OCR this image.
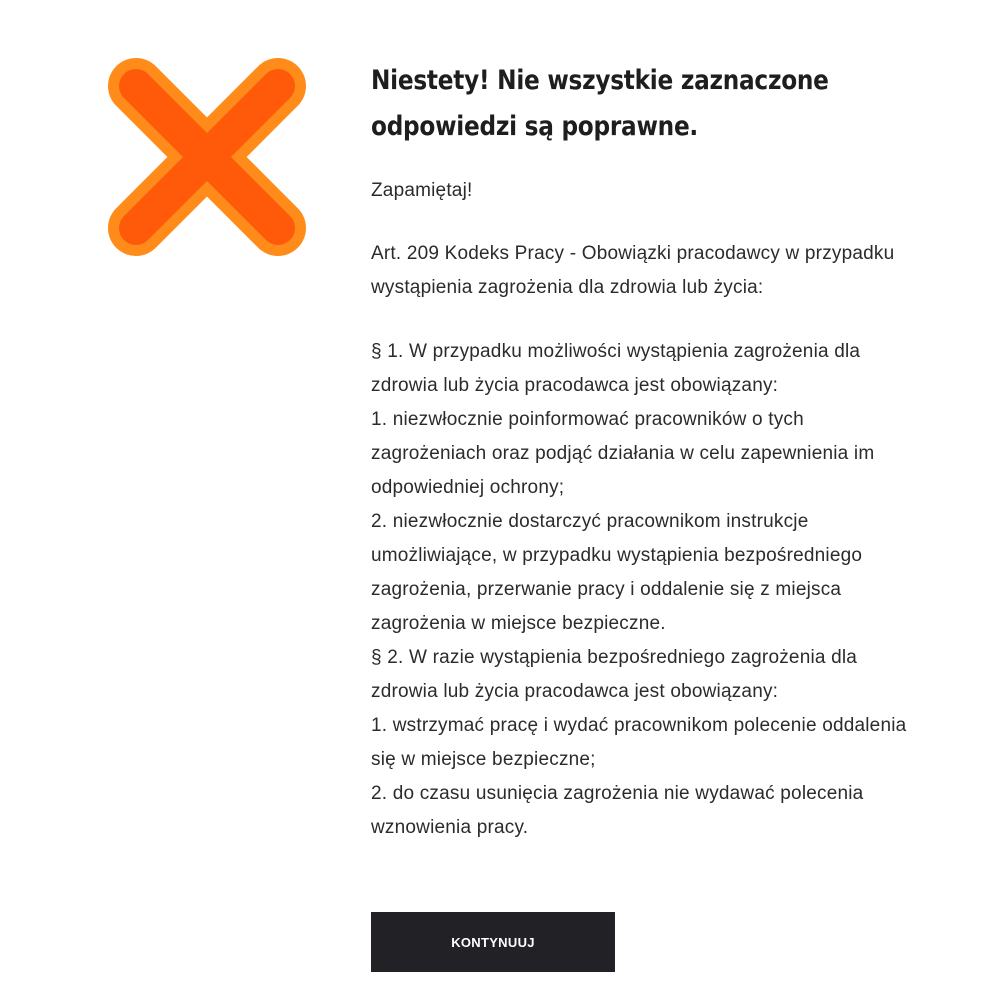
Niestety! Nie wszystkie zaznaczone
odpowiedzi są poprawne.
Zapamiętaj!
Art. 209 Kodeks Pracy - Obowiązki pracodawcy w przypadku
wystąpienia zagrożenia dla zdrowia lub życia:
§ 1. W przypadku możliwości wystąpienia zagrożenia dla
zdrowia lub życia pracodawca jest obowiązany:
1. niezwłocznie poinformować pracowników o tych
zagrożeniach oraz podjąć działania w celu zapewnienia im
odpowiedniej ochrony;
2. niezwłocznie dostarczyć pracownikom instrukcje
umożliwiające, w przypadku wystąpienia bezpośredniego
zagrożenia, przerwanie pracy i oddalenie się z miejsca
zagrożenia w miejsce bezpieczne.
§ 2. W razie wystąpienia bezpośredniego zagrożenia dla
zdrowia lub życia pracodawca jest obowiązany:
1. wstrzymać pracę i wydać pracownikom polecenie oddalenia
się w miejsce bezpieczne;
2. do czasu usunięcia zagrożenia nie wydawać polecenia
wznowienia pracy.
KONTYNUUJ
